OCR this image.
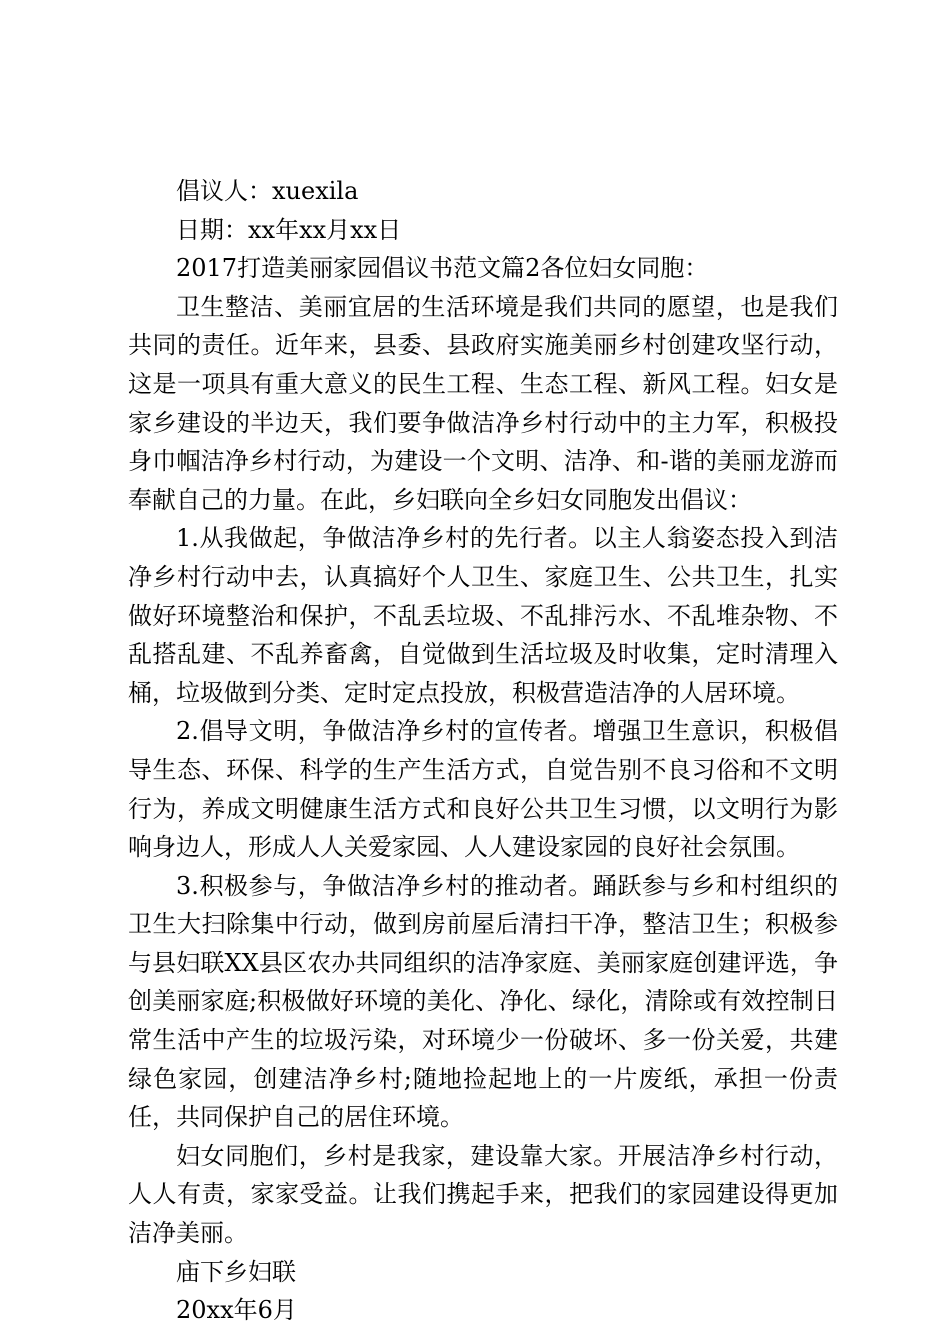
倡议人：xuexila
日期：xx年xx月xx日
2017打造美丽家园倡议书范文篇2各位妇女同胞：
卫生整洁、美丽宜居的生活环境是我们共同的愿望，也是我们共同的责任。近年来，县委、县政府实施美丽乡村创建攻坚行动，这是一项具有重大意义的民生工程、生态工程、新风工程。妇女是家乡建设的半边天，我们要争做洁净乡村行动中的主力军，积极投身巾帼洁净乡村行动，为建设一个文明、洁净、和-谐的美丽龙游而奉献自己的力量。在此，乡妇联向全乡妇女同胞发出倡议：
1.从我做起，争做洁净乡村的先行者。以主人翁姿态投入到洁净乡村行动中去，认真搞好个人卫生、家庭卫生、公共卫生，扎实做好环境整治和保护，不乱丢垃圾、不乱排污水、不乱堆杂物、不乱搭乱建、不乱养畜禽，自觉做到生活垃圾及时收集，定时清理入桶，垃圾做到分类、定时定点投放，积极营造洁净的人居环境。
2.倡导文明，争做洁净乡村的宣传者。增强卫生意识，积极倡导生态、环保、科学的生产生活方式，自觉告别不良习俗和不文明行为，养成文明健康生活方式和良好公共卫生习惯，以文明行为影响身边人，形成人人关爱家园、人人建设家园的良好社会氛围。
3.积极参与，争做洁净乡村的推动者。踊跃参与乡和村组织的卫生大扫除集中行动，做到房前屋后清扫干净，整洁卫生；积极参与县妇联XX县区农办共同组织的洁净家庭、美丽家庭创建评选，争创美丽家庭;积极做好环境的美化、净化、绿化，清除或有效控制日常生活中产生的垃圾污染，对环境少一份破坏、多一份关爱，共建绿色家园，创建洁净乡村;随地捡起地上的一片废纸，承担一份责任，共同保护自己的居住环境。
妇女同胞们，乡村是我家，建设靠大家。开展洁净乡村行动，人人有责，家家受益。让我们携起手来，把我们的家园建设得更加洁净美丽。
庙下乡妇联
20xx年6月
